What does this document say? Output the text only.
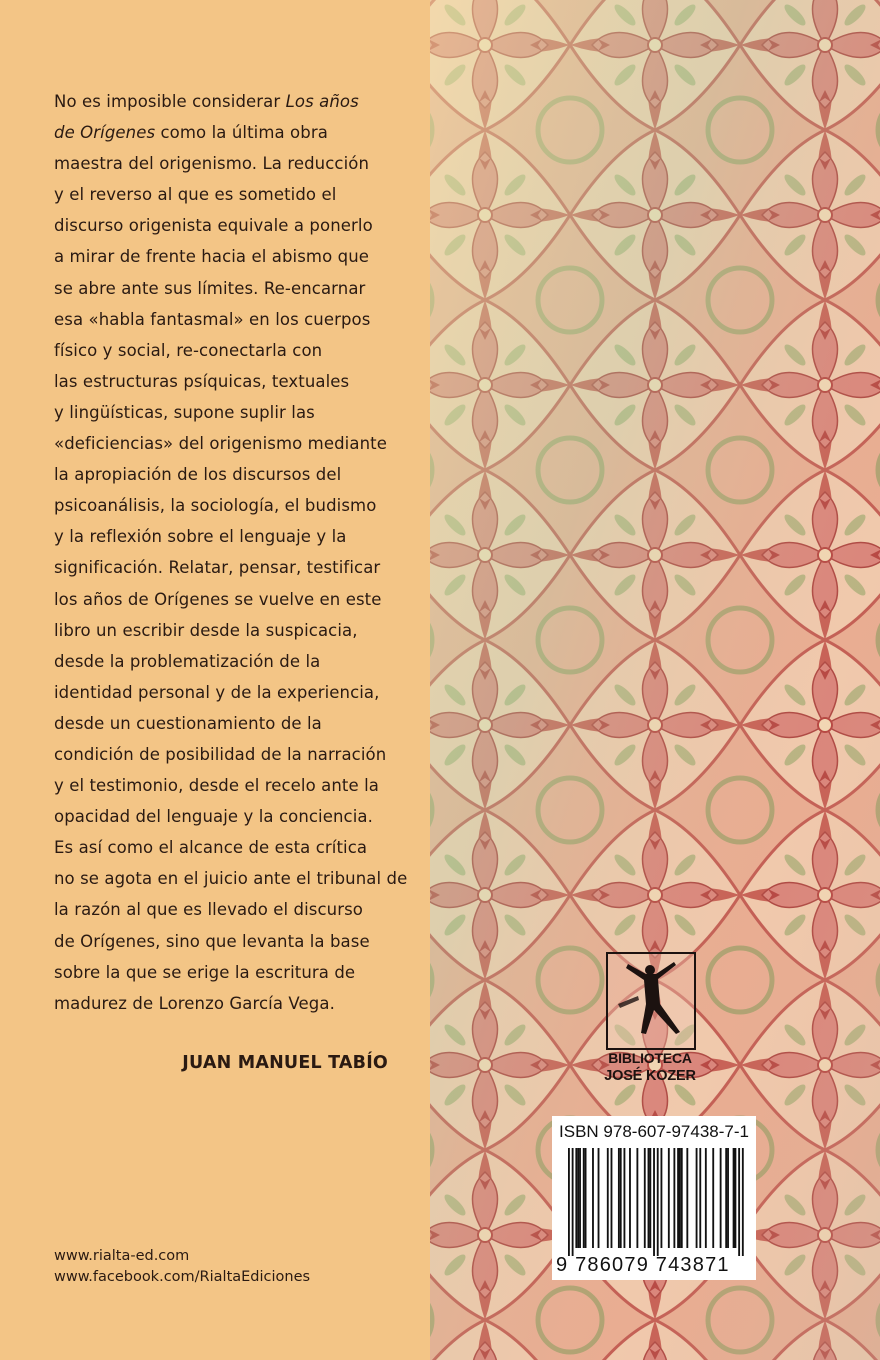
No es imposible considerar Los años
de Orígenes como la última obra
maestra del origenismo. La reducción
y el reverso al que es sometido el
discurso origenista equivale a ponerlo
a mirar de frente hacia el abismo que
se abre ante sus límites. Re-encarnar
esa «habla fantasmal» en los cuerpos
físico y social, re-conectarla con
las estructuras psíquicas, textuales
y lingüísticas, supone suplir las
«deficiencias» del origenismo mediante
la apropiación de los discursos del
psicoanálisis, la sociología, el budismo
y la reflexión sobre el lenguaje y la
significación. Relatar, pensar, testificar
los años de Orígenes se vuelve en este
libro un escribir desde la suspicacia,
desde la problematización de la
identidad personal y de la experiencia,
desde un cuestionamiento de la
condición de posibilidad de la narración
y el testimonio, desde el recelo ante la
opacidad del lenguaje y la conciencia.
Es así como el alcance de esta crítica
no se agota en el juicio ante el tribunal de
la razón al que es llevado el discurso
de Orígenes, sino que levanta la base
sobre la que se erige la escritura de
madurez de Lorenzo García Vega.
JUAN MANUEL TABÍO
www.rialta-ed.com
www.facebook.com/RialtaEdiciones
BIBLIOTECA
JOSÉ KOZER
ISBN 978-607-97438-7-1
9 786079 743871
